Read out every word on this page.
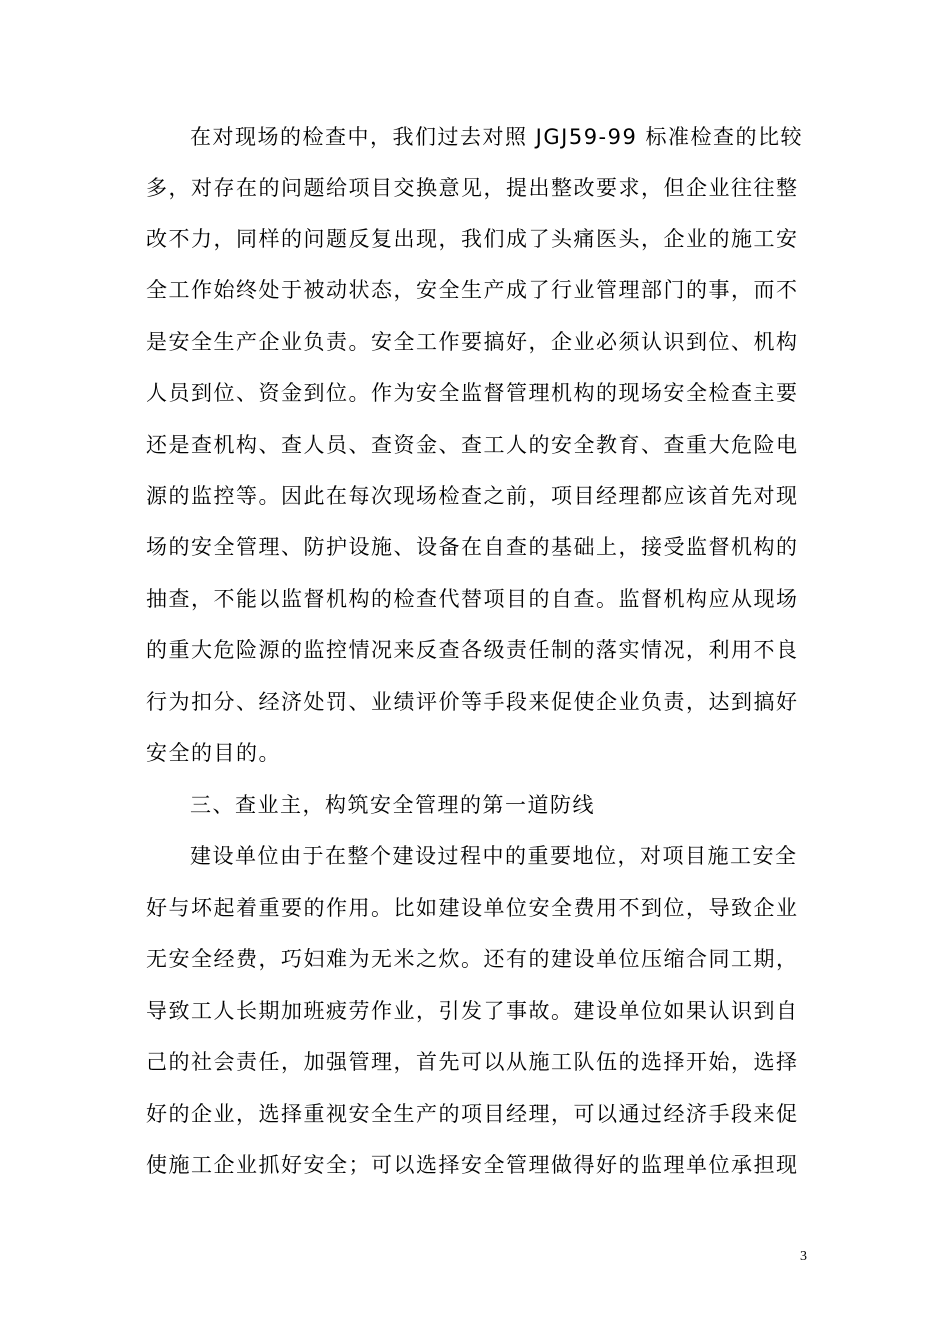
在对现场的检查中，我们过去对照 JGJ59-99 标准检查的比较
多，对存在的问题给项目交换意见，提出整改要求，但企业往往整
改不力，同样的问题反复出现，我们成了头痛医头，企业的施工安
全工作始终处于被动状态，安全生产成了行业管理部门的事，而不
是安全生产企业负责。安全工作要搞好，企业必须认识到位、机构
人员到位、资金到位。作为安全监督管理机构的现场安全检查主要
还是查机构、查人员、查资金、查工人的安全教育、查重大危险电
源的监控等。因此在每次现场检查之前，项目经理都应该首先对现
场的安全管理、防护设施、设备在自查的基础上，接受监督机构的
抽查，不能以监督机构的检查代替项目的自查。监督机构应从现场
的重大危险源的监控情况来反查各级责任制的落实情况，利用不良
行为扣分、经济处罚、业绩评价等手段来促使企业负责，达到搞好
安全的目的。
三、查业主，构筑安全管理的第一道防线
建设单位由于在整个建设过程中的重要地位，对项目施工安全
好与坏起着重要的作用。比如建设单位安全费用不到位，导致企业
无安全经费，巧妇难为无米之炊。还有的建设单位压缩合同工期，
导致工人长期加班疲劳作业，引发了事故。建设单位如果认识到自
己的社会责任，加强管理，首先可以从施工队伍的选择开始，选择
好的企业，选择重视安全生产的项目经理，可以通过经济手段来促
使施工企业抓好安全；可以选择安全管理做得好的监理单位承担现
3
